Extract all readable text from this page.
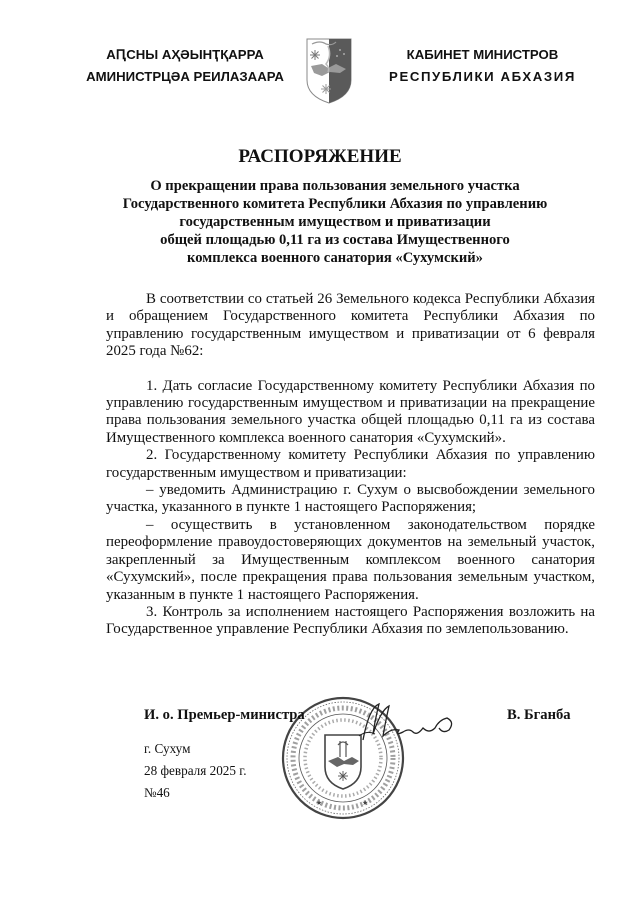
АԤСНЫ АҲӘЫНҬҚАРРА
АМИНИСТРЦӘА РЕИЛАЗААРА
КАБИНЕТ МИНИСТРОВ
РЕСПУБЛИКИ АБХАЗИЯ
РАСПОРЯЖЕНИЕ
О прекращении права пользования земельного участка
Государственного комитета Республики Абхазия по управлению
государственным имуществом и приватизации
общей площадью 0,11 га из состава Имущественного
комплекса военного санатория «Сухумский»

В соответствии со статьей 26 Земельного кодекса Республики Абхазия и обращением Государственного комитета Республики Абхазия по управлению государственным имуществом и приватизации от 6 февраля 2025 года №62:

1. Дать согласие Государственному комитету Республики Абхазия по управлению государственным имуществом и приватизации на прекращение права пользования земельного участка общей площадью 0,11 га из состава Имущественного комплекса военного санатория «Сухумский».

2. Государственному комитету Республики Абхазия по управлению государственным имуществом и приватизации:

– уведомить Администрацию г. Сухум о высвобождении земельного участка, указанного в пункте 1 настоящего Распоряжения;

– осуществить в установленном законодательством порядке переоформление правоудостоверяющих документов на земельный участок, закрепленный за Имущественным комплексом военного санатория «Сухумский», после прекращения права пользования земельным участком, указанным в пункте 1 настоящего Распоряжения.

3. Контроль за исполнением настоящего Распоряжения возложить на Государственное управление Республики Абхазия по землепользованию.

★	★
И. о. Премьер-министра	В. Бганба
г. Сухум
28 февраля 2025 г.
№46
